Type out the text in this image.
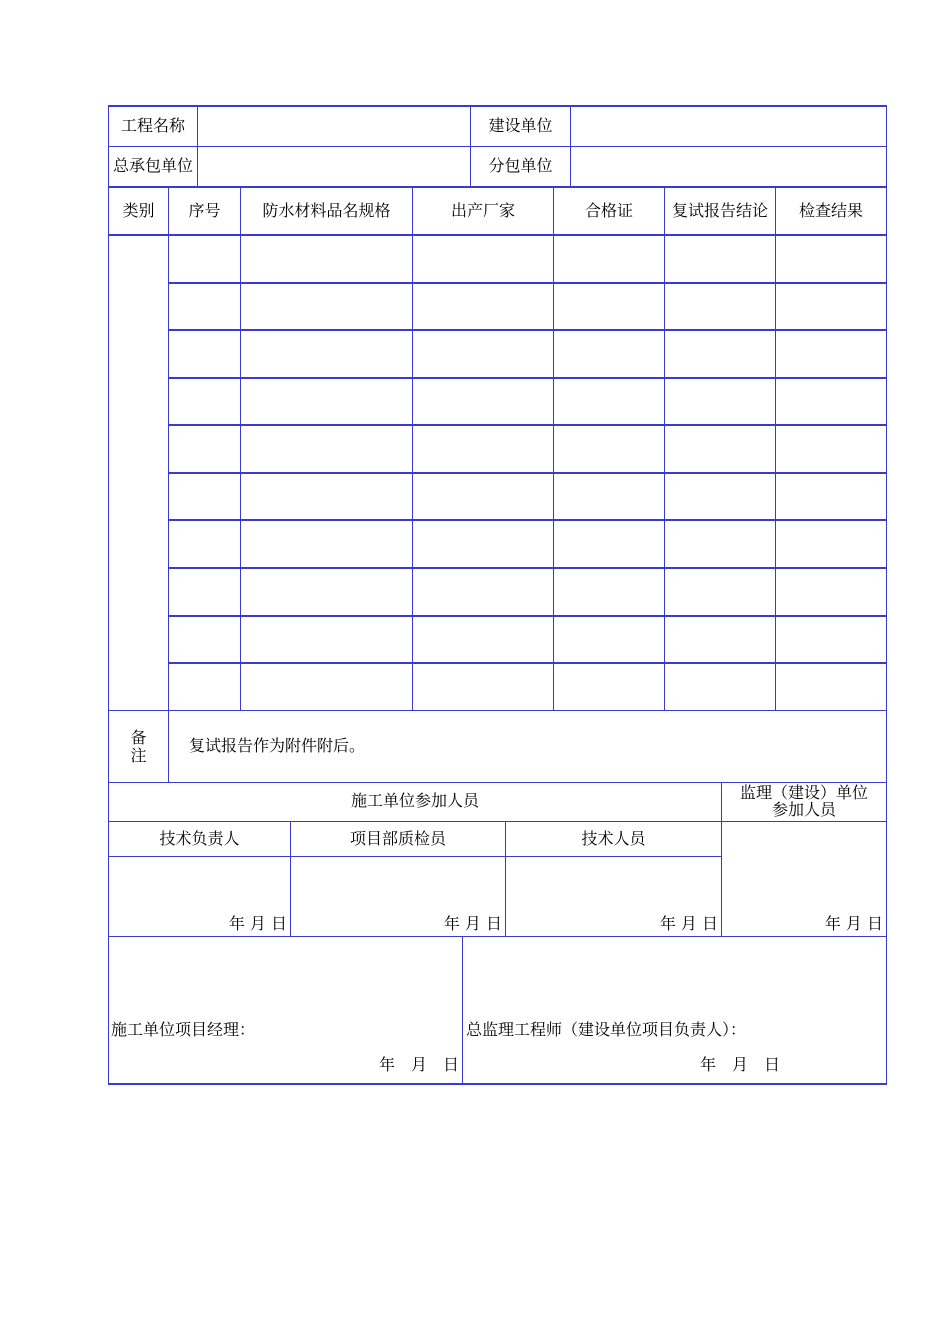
工程名称	建设单位
总承包单位	分包单位
类别	序号	防水材料品名规格	出产厂家	合格证	复试报告结论	检查结果
备
注
复试报告作为附件附后。
施工单位参加人员	监理（建设）单位
参加人员
技术负责人	项目部质检员	技术人员
年 月 日	年 月 日	年 月 日	年 月 日
施工单位项目经理：
年　月　日
总监理工程师（建设单位项目负责人）：
年　月　日
